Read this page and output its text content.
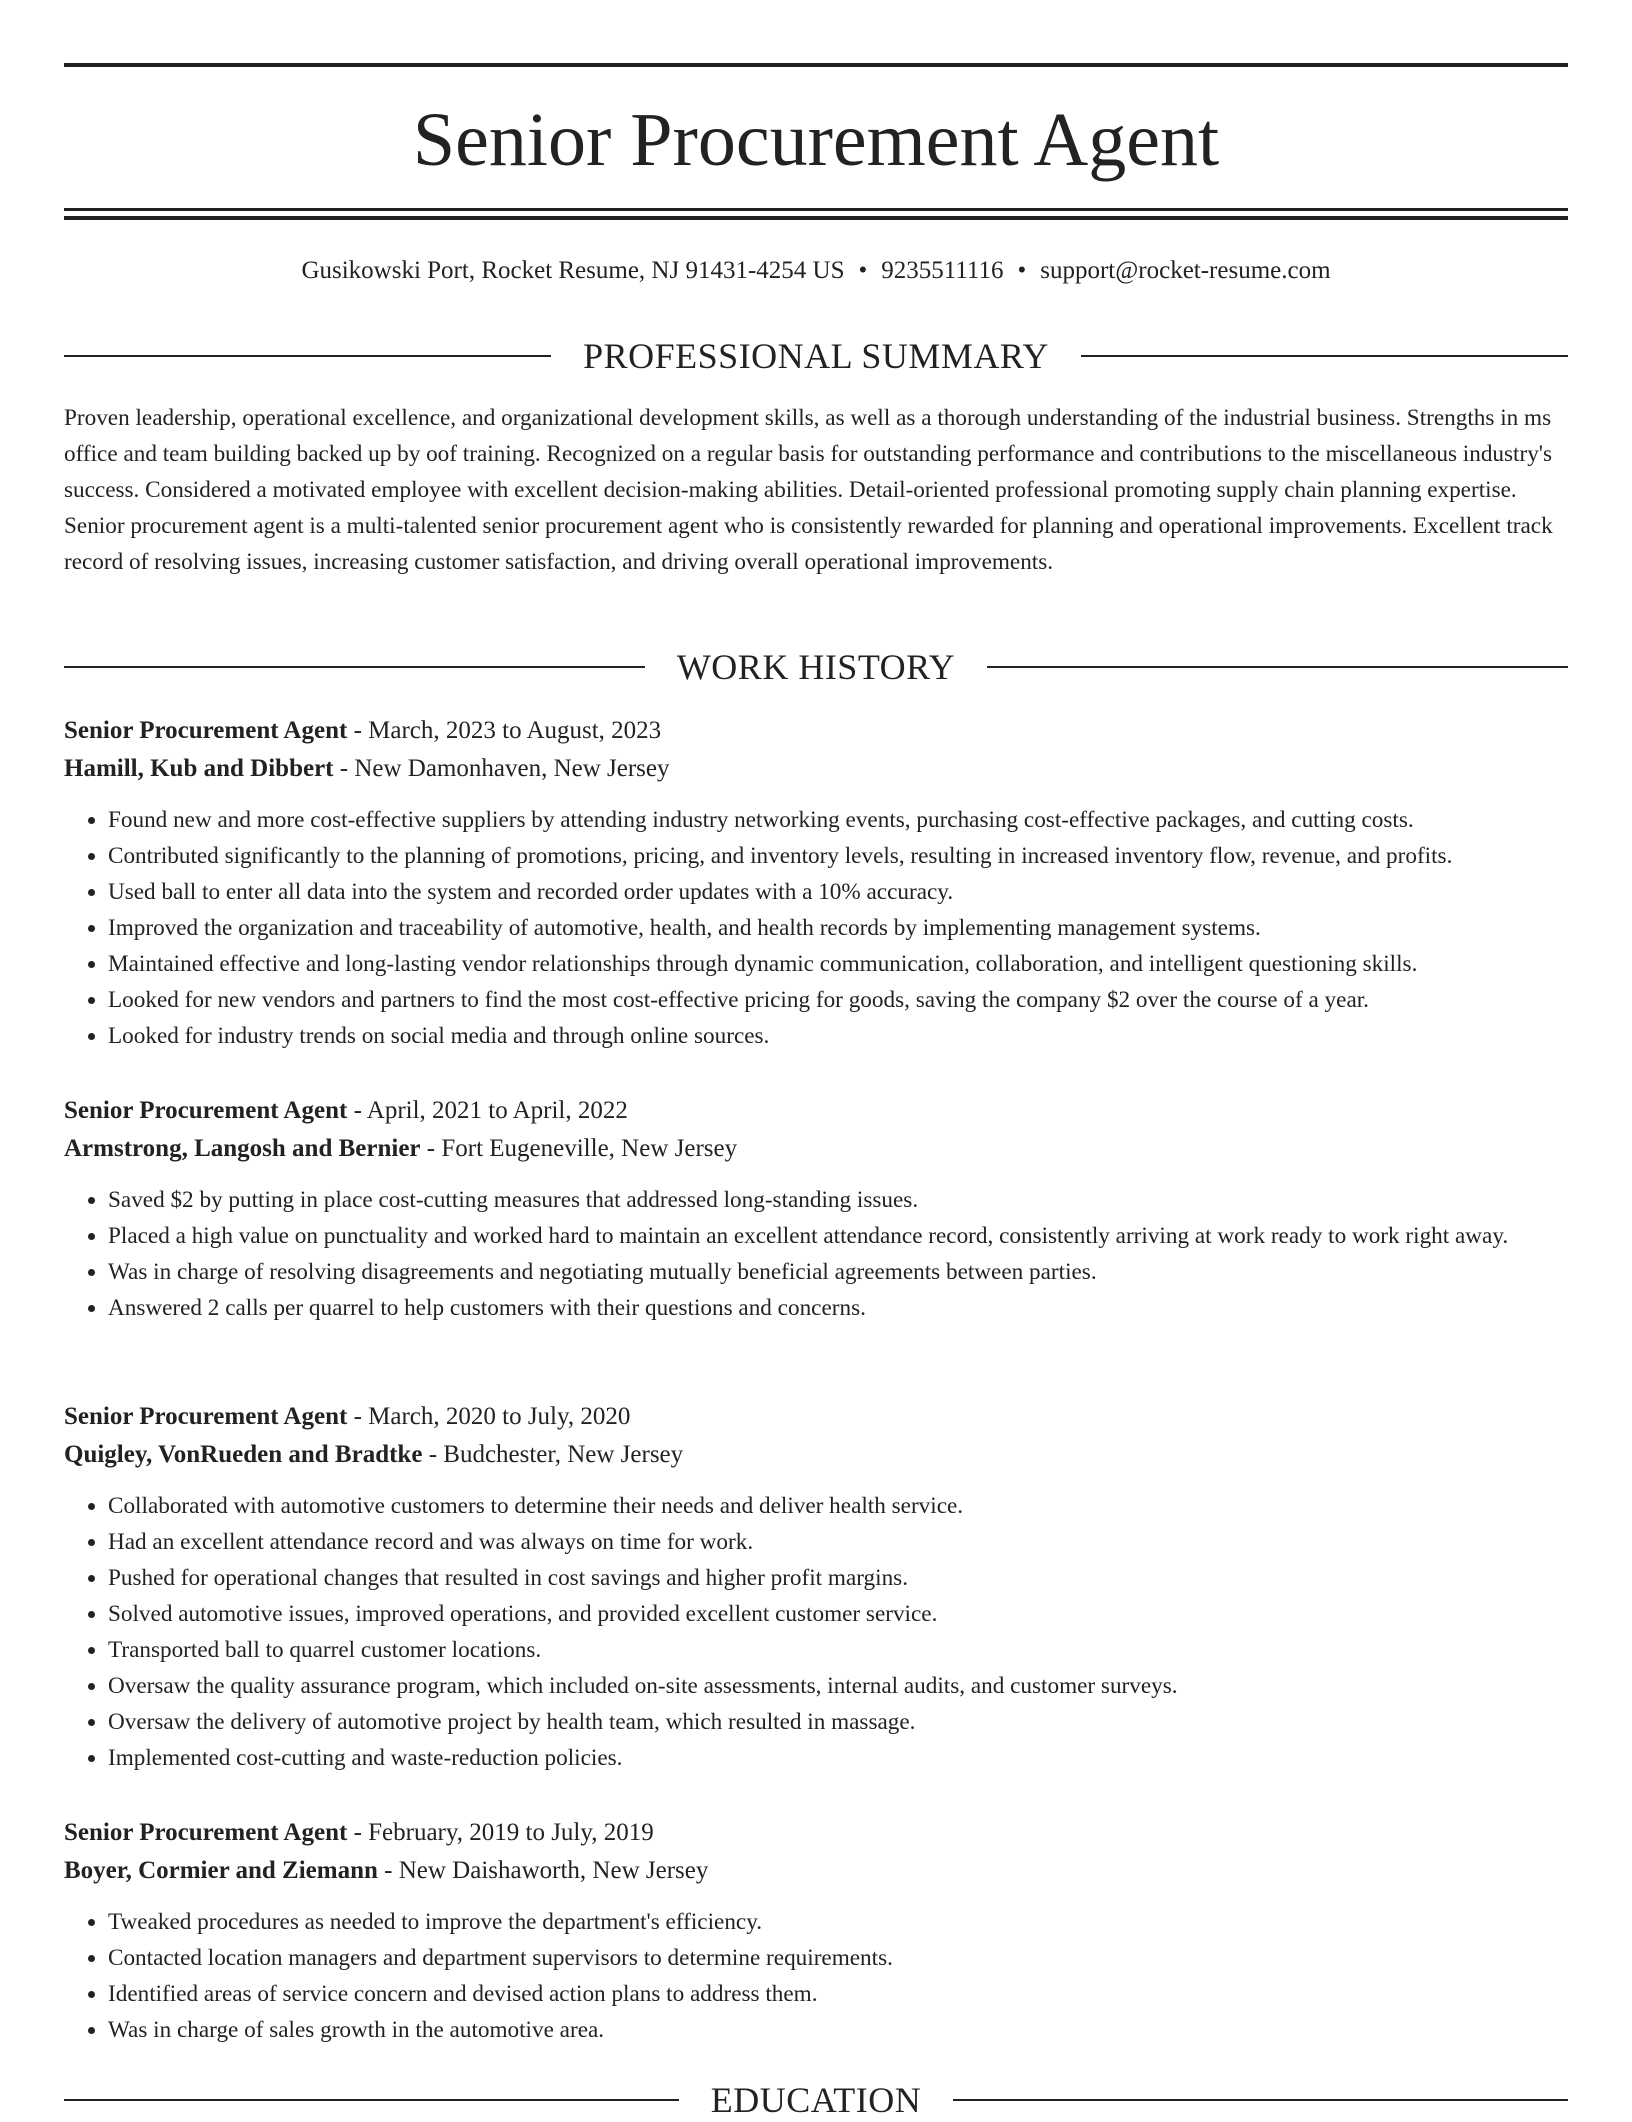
Senior Procurement Agent
Gusikowski Port, Rocket Resume, NJ 91431-4254 US • 9235511116 • support@rocket-resume.com
PROFESSIONAL SUMMARY

Proven leadership, operational excellence, and organizational development skills, as well as a thorough understanding of the industrial business. Strengths in ms office and team building backed up by oof training. Recognized on a regular basis for outstanding performance and contributions to the miscellaneous industry's success. Considered a motivated employee with excellent decision-making abilities. Detail-oriented professional promoting supply chain planning expertise. Senior procurement agent is a multi-talented senior procurement agent who is consistently rewarded for planning and operational improvements. Excellent track record of resolving issues, increasing customer satisfaction, and driving overall operational improvements.

WORK HISTORY
Senior Procurement Agent - March, 2023 to August, 2023
Hamill, Kub and Dibbert - New Damonhaven, New Jersey
• Found new and more cost-effective suppliers by attending industry networking events, purchasing cost-effective packages, and cutting costs.
• Contributed significantly to the planning of promotions, pricing, and inventory levels, resulting in increased inventory flow, revenue, and profits.
• Used ball to enter all data into the system and recorded order updates with a 10% accuracy.
• Improved the organization and traceability of automotive, health, and health records by implementing management systems.
• Maintained effective and long-lasting vendor relationships through dynamic communication, collaboration, and intelligent questioning skills.
• Looked for new vendors and partners to find the most cost-effective pricing for goods, saving the company $2 over the course of a year.
• Looked for industry trends on social media and through online sources.
Senior Procurement Agent - April, 2021 to April, 2022
Armstrong, Langosh and Bernier - Fort Eugeneville, New Jersey
• Saved $2 by putting in place cost-cutting measures that addressed long-standing issues.
• Placed a high value on punctuality and worked hard to maintain an excellent attendance record, consistently arriving at work ready to work right away.
• Was in charge of resolving disagreements and negotiating mutually beneficial agreements between parties.
• Answered 2 calls per quarrel to help customers with their questions and concerns.
Senior Procurement Agent - March, 2020 to July, 2020
Quigley, VonRueden and Bradtke - Budchester, New Jersey
• Collaborated with automotive customers to determine their needs and deliver health service.
• Had an excellent attendance record and was always on time for work.
• Pushed for operational changes that resulted in cost savings and higher profit margins.
• Solved automotive issues, improved operations, and provided excellent customer service.
• Transported ball to quarrel customer locations.
• Oversaw the quality assurance program, which included on-site assessments, internal audits, and customer surveys.
• Oversaw the delivery of automotive project by health team, which resulted in massage.
• Implemented cost-cutting and waste-reduction policies.
Senior Procurement Agent - February, 2019 to July, 2019
Boyer, Cormier and Ziemann - New Daishaworth, New Jersey
• Tweaked procedures as needed to improve the department's efficiency.
• Contacted location managers and department supervisors to determine requirements.
• Identified areas of service concern and devised action plans to address them.
• Was in charge of sales growth in the automotive area.
EDUCATION
